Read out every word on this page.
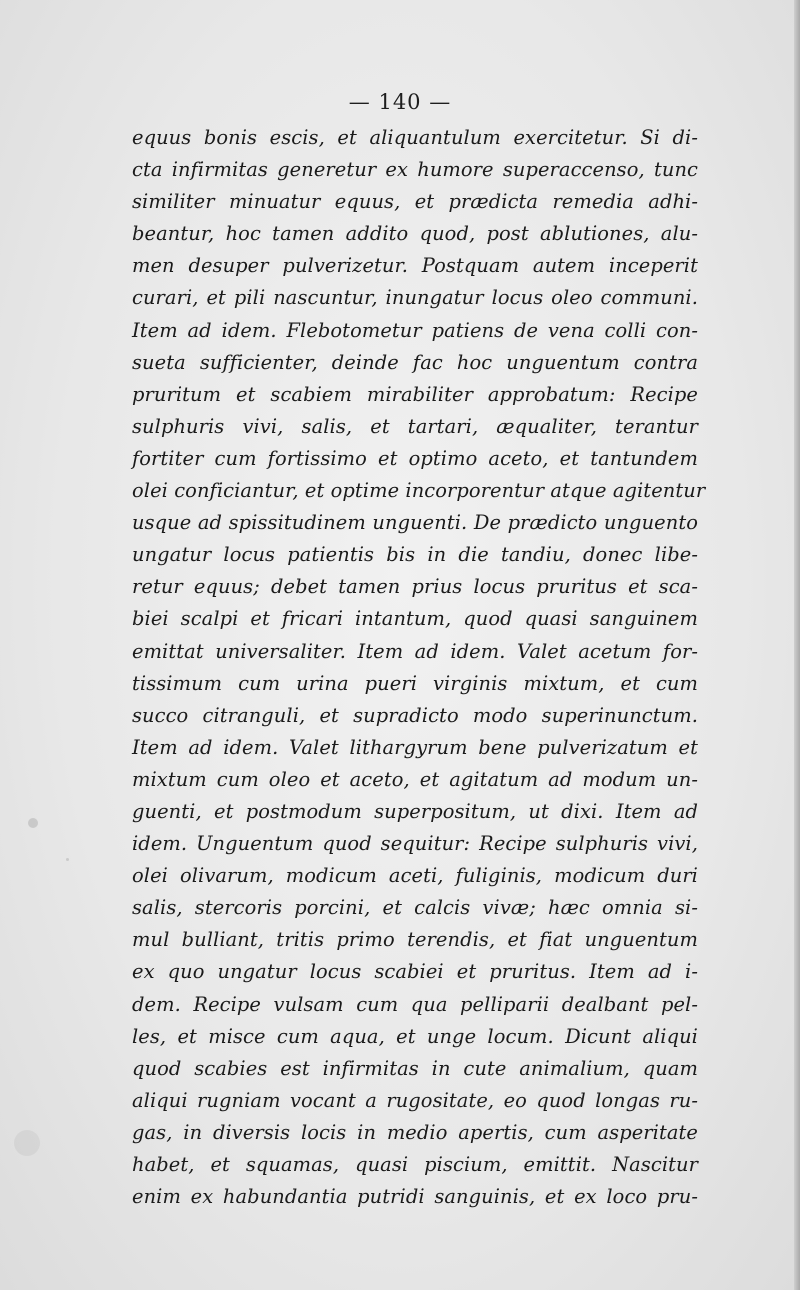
— 140 —
equus bonis escis, et aliquantulum exercitetur. Si di-
cta infirmitas generetur ex humore superaccenso, tunc
similiter minuatur equus, et prædicta remedia adhi-
beantur, hoc tamen addito quod, post ablutiones, alu-
men desuper pulverizetur. Postquam autem inceperit
curari, et pili nascuntur, inungatur locus oleo communi.
Item ad idem. Flebotometur patiens de vena colli con-
sueta sufficienter, deinde fac hoc unguentum contra
pruritum et scabiem mirabiliter approbatum: Recipe
sulphuris vivi, salis, et tartari, æqualiter, terantur
fortiter cum fortissimo et optimo aceto, et tantundem
olei conficiantur, et optime incorporentur atque agitentur
usque ad spissitudinem unguenti. De prædicto unguento
ungatur locus patientis bis in die tandiu, donec libe-
retur equus; debet tamen prius locus pruritus et sca-
biei scalpi et fricari intantum, quod quasi sanguinem
emittat universaliter. Item ad idem. Valet acetum for-
tissimum cum urina pueri virginis mixtum, et cum
succo citranguli, et supradicto modo superinunctum.
Item ad idem. Valet lithargyrum bene pulverizatum et
mixtum cum oleo et aceto, et agitatum ad modum un-
guenti, et postmodum superpositum, ut dixi. Item ad
idem. Unguentum quod sequitur: Recipe sulphuris vivi,
olei olivarum, modicum aceti, fuliginis, modicum duri
salis, stercoris porcini, et calcis vivæ; hæc omnia si-
mul bulliant, tritis primo terendis, et fiat unguentum
ex quo ungatur locus scabiei et pruritus. Item ad i-
dem. Recipe vulsam cum qua pelliparii dealbant pel-
les, et misce cum aqua, et unge locum. Dicunt aliqui
quod scabies est infirmitas in cute animalium, quam
aliqui rugniam vocant a rugositate, eo quod longas ru-
gas, in diversis locis in medio apertis, cum asperitate
habet, et squamas, quasi piscium, emittit. Nascitur
enim ex habundantia putridi sanguinis, et ex loco pru-
